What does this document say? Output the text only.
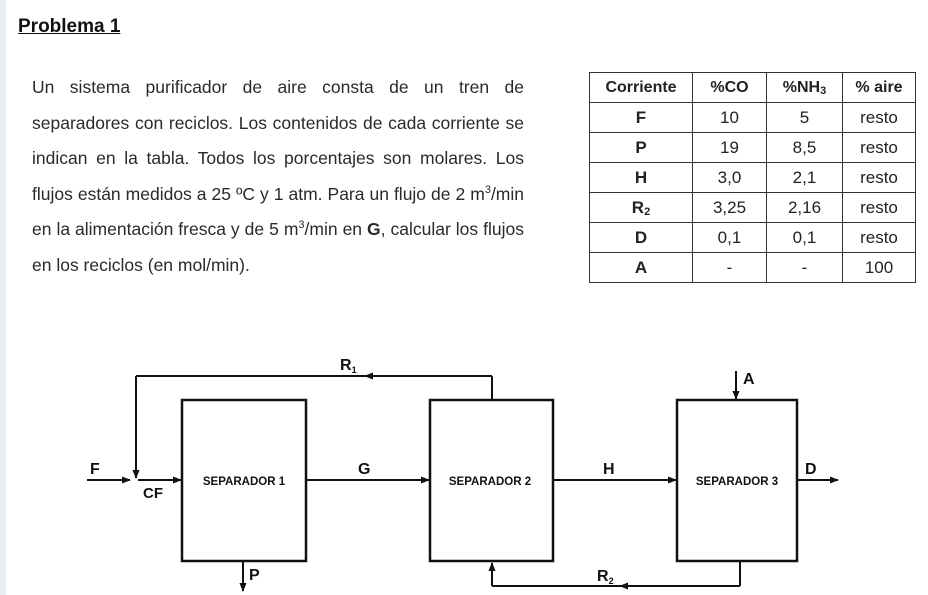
Problema 1
Un sistema purificador de aire consta de un tren de separadores con reciclos. Los contenidos de cada corriente se indican en la tabla. Todos los porcentajes son molares. Los flujos están medidos a 25 ºC y 1 atm. Para un flujo de 2 $m^3/\min$ en la alimentación fresca y de 5 $m^3/\min$ en G, calcular los flujos en los reciclos (en mol/min).
Corriente	%CO	%NH3	% aire
F	10	5	resto
P	19	8,5	resto
H	3,0	2,1	resto
R2	3,25	2,16	resto
D	0,1	0,1	resto
A	-	-	100
SEPARADOR 1	SEPARADOR 2	SEPARADOR 3
F
CF
G	H	D
A
P
R1
R2
